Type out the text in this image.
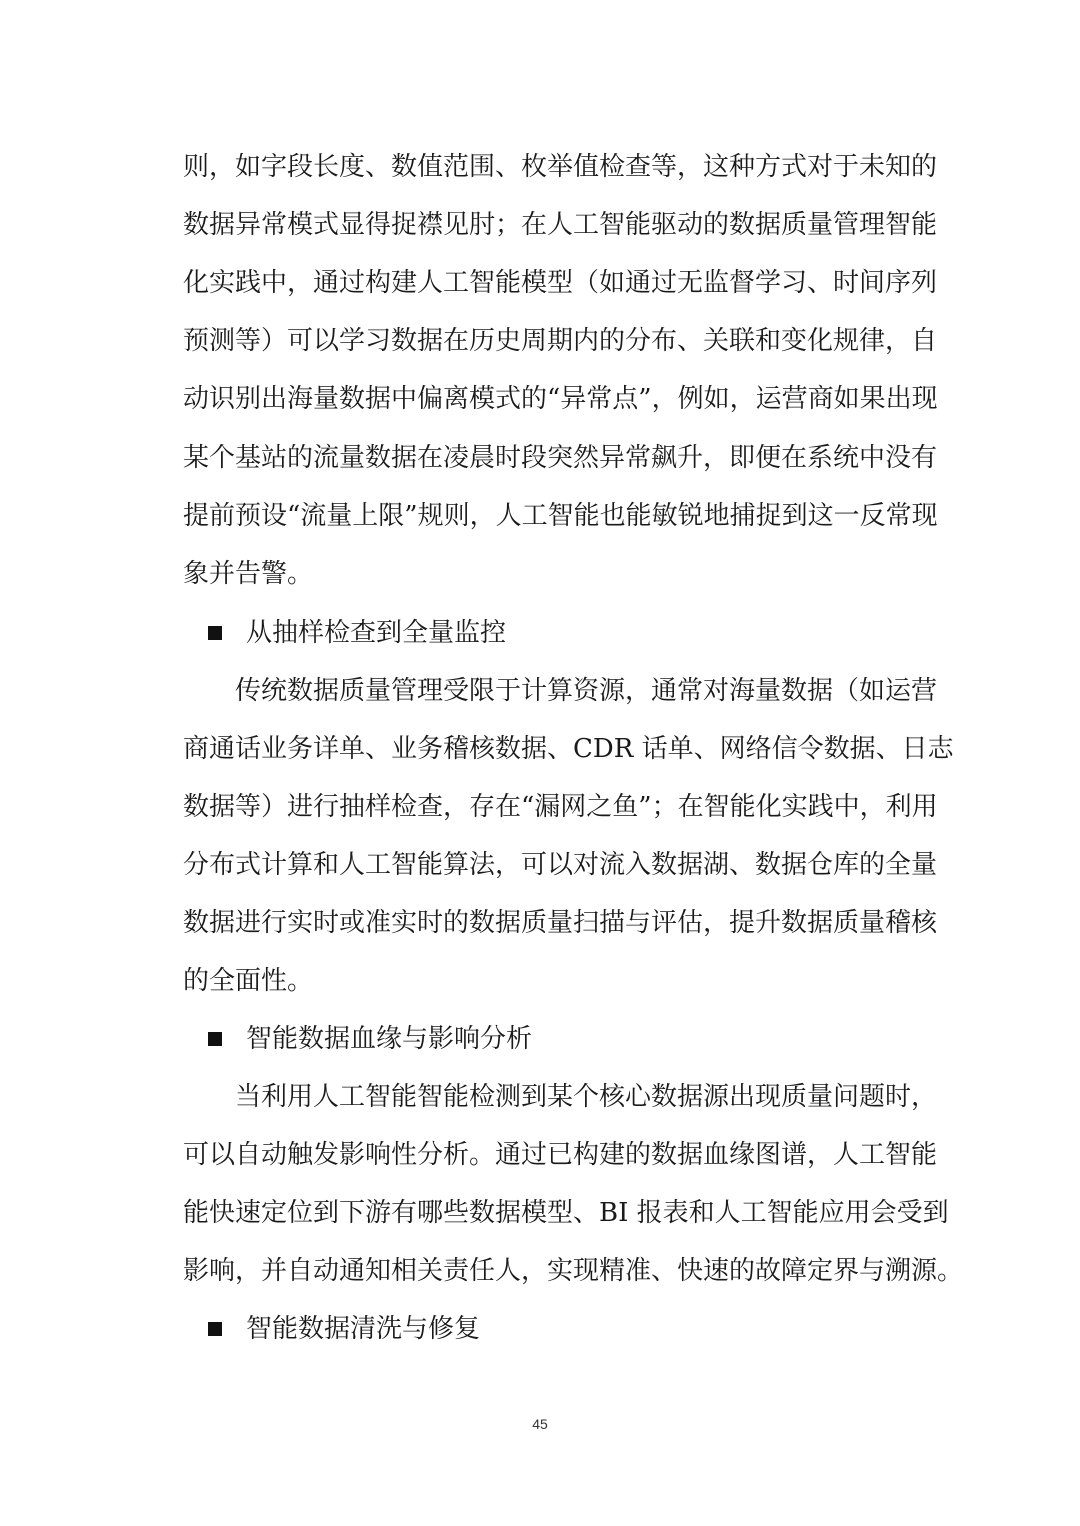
则，如字段长度、数值范围、枚举值检查等，这种方式对于未知的
数据异常模式显得捉襟见肘；在人工智能驱动的数据质量管理智能
化实践中，通过构建人工智能模型（如通过无监督学习、时间序列
预测等）可以学习数据在历史周期内的分布、关联和变化规律，自
动识别出海量数据中偏离模式的“异常点”，例如，运营商如果出现
某个基站的流量数据在凌晨时段突然异常飙升，即便在系统中没有
提前预设“流量上限”规则，人工智能也能敏锐地捕捉到这一反常现
象并告警。
从抽样检查到全量监控
传统数据质量管理受限于计算资源，通常对海量数据（如运营
商通话业务详单、业务稽核数据、CDR 话单、网络信令数据、日志
数据等）进行抽样检查，存在“漏网之鱼”；在智能化实践中，利用
分布式计算和人工智能算法，可以对流入数据湖、数据仓库的全量
数据进行实时或准实时的数据质量扫描与评估，提升数据质量稽核
的全面性。
智能数据血缘与影响分析
当利用人工智能智能检测到某个核心数据源出现质量问题时，
可以自动触发影响性分析。通过已构建的数据血缘图谱，人工智能
能快速定位到下游有哪些数据模型、BI 报表和人工智能应用会受到
影响，并自动通知相关责任人，实现精准、快速的故障定界与溯源。
智能数据清洗与修复
45
